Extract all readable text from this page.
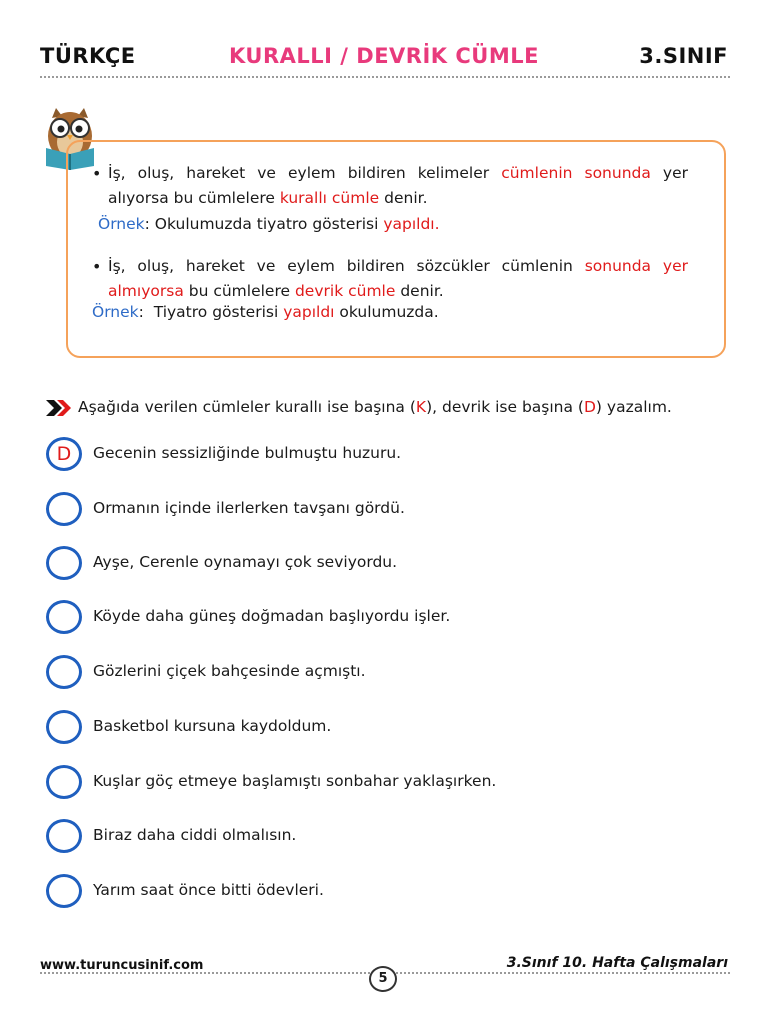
TÜRKÇE	KURALLI / DEVRİK CÜMLE	3.SINIF
• İş, oluş, hareket ve eylem bildiren kelimeler cümlenin sonunda yer alıyorsa bu cümlelere kurallı cümle denir.
Örnek: Okulumuzda tiyatro gösterisi yapıldı.
• İş, oluş, hareket ve eylem bildiren sözcükler cümlenin sonunda yer almıyorsa bu cümlelere devrik cümle denir.
Örnek:  Tiyatro gösterisi yapıldı okulumuzda.
Aşağıda verilen cümleler kurallı ise başına (K), devrik ise başına (D) yazalım.
D	Gecenin sessizliğinde bulmuştu huzuru.
Ormanın içinde ilerlerken tavşanı gördü.
Ayşe, Cerenle oynamayı çok seviyordu.
Köyde daha güneş doğmadan başlıyordu işler.
Gözlerini çiçek bahçesinde açmıştı.
Basketbol kursuna kaydoldum.
Kuşlar göç etmeye başlamıştı sonbahar yaklaşırken.
Biraz daha ciddi olmalısın.
Yarım saat önce bitti ödevleri.
www.turuncusinif.com	3.Sınıf 10. Hafta Çalışmaları
5
